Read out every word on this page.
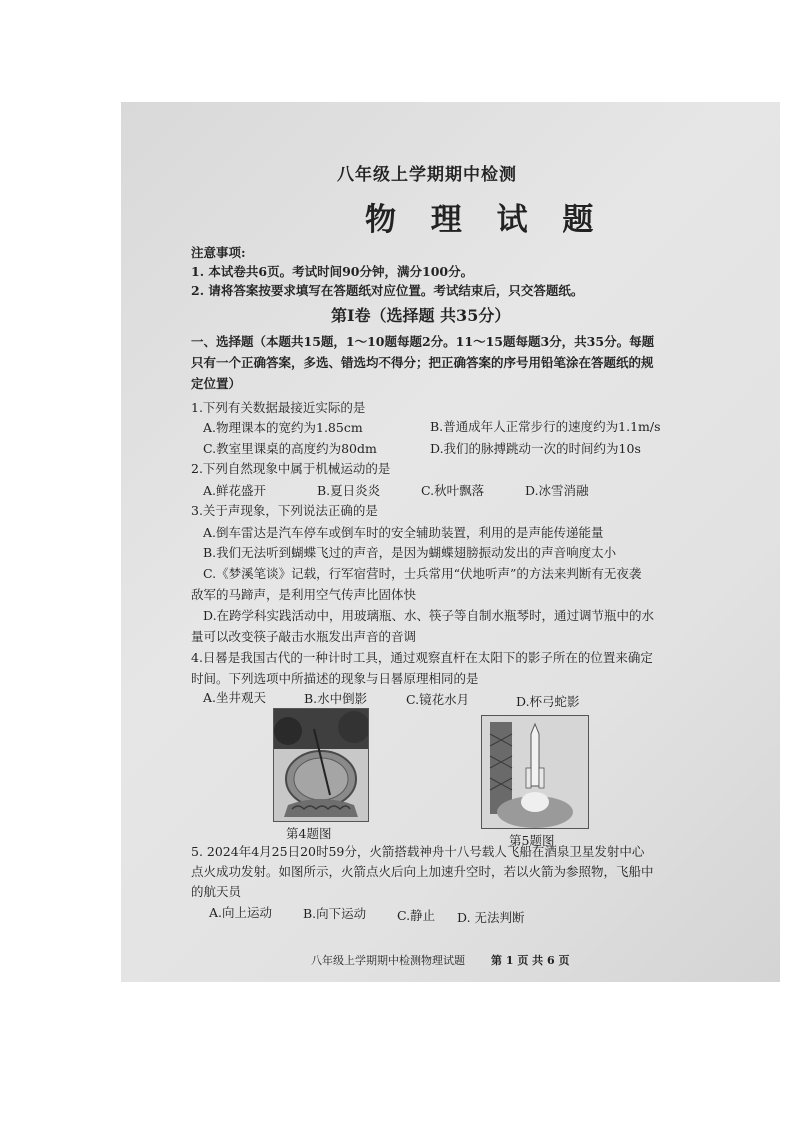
八年级上学期期中检测
物 理 试 题
注意事项:
1. 本试卷共6页。考试时间90分钟，满分100分。
2. 请将答案按要求填写在答题纸对应位置。考试结束后，只交答题纸。
第Ⅰ卷（选择题 共35分）
一、选择题（本题共15题，1～10题每题2分。11～15题每题3分，共35分。每题
只有一个正确答案，多选、错选均不得分；把正确答案的序号用铅笔涂在答题纸的规
定位置）
1.下列有关数据最接近实际的是
A.物理课本的宽约为1.85cm	B.普通成年人正常步行的速度约为1.1m/s
C.教室里课桌的高度约为80dm	D.我们的脉搏跳动一次的时间约为10s
2.下列自然现象中属于机械运动的是
A.鲜花盛开	B.夏日炎炎	C.秋叶飘落	D.冰雪消融
3.关于声现象，下列说法正确的是
A.倒车雷达是汽车停车或倒车时的安全辅助装置，利用的是声能传递能量
B.我们无法听到蝴蝶飞过的声音，是因为蝴蝶翅膀振动发出的声音响度太小
C.《梦溪笔谈》记载，行军宿营时，士兵常用“伏地听声”的方法来判断有无夜袭
敌军的马蹄声，是利用空气传声比固体快
D.在跨学科实践活动中，用玻璃瓶、水、筷子等自制水瓶琴时，通过调节瓶中的水
量可以改变筷子敲击水瓶发出声音的音调
4.日晷是我国古代的一种计时工具，通过观察直杆在太阳下的影子所在的位置来确定
时间。下列选项中所描述的现象与日晷原理相同的是
A.坐井观天	B.水中倒影	C.镜花水月	D.杯弓蛇影
第4题图	第5题图
5. 2024年4月25日20时59分，火箭搭载神舟十八号载人飞船在酒泉卫星发射中心
点火成功发射。如图所示，火箭点火后向上加速升空时，若以火箭为参照物，飞船中
的航天员
A.向上运动 B.向下运动 C.静止 D. 无法判断
八年级上学期期中检测物理试题 第 1 页 共 6 页
